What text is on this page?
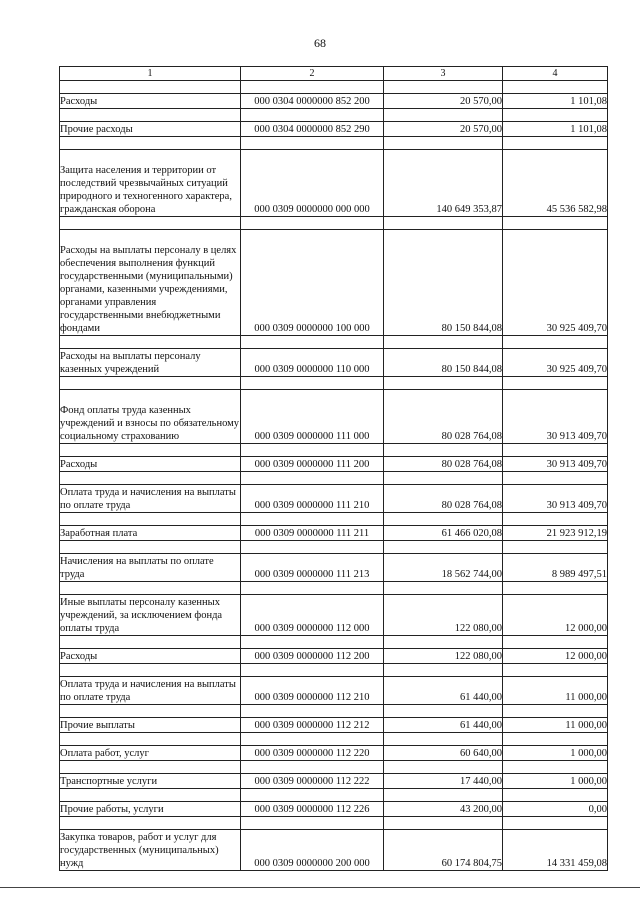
68
1	2	3	4

Расходы	000 0304 0000000 852 200	20 570,00	1 101,08

Прочие расходы	000 0304 0000000 852 290	20 570,00	1 101,08

Защита населения и территории от последствий чрезвычайных ситуаций природного и техногенного характера, гражданская оборона	000 0309 0000000 000 000	140 649 353,87	45 536 582,98

Расходы на выплаты персоналу в целях обеспечения выполнения функций государственными (муниципальными) органами, казенными учреждениями, органами управления государственными внебюджетными фондами	000 0309 0000000 100 000	80 150 844,08	30 925 409,70

Расходы на выплаты персоналу казенных учреждений	000 0309 0000000 110 000	80 150 844,08	30 925 409,70

Фонд оплаты труда казенных учреждений и взносы по обязательному социальному страхованию	000 0309 0000000 111 000	80 028 764,08	30 913 409,70

Расходы	000 0309 0000000 111 200	80 028 764,08	30 913 409,70

Оплата труда и начисления на выплаты по оплате труда	000 0309 0000000 111 210	80 028 764,08	30 913 409,70

Заработная плата	000 0309 0000000 111 211	61 466 020,08	21 923 912,19

Начисления на выплаты по оплате труда	000 0309 0000000 111 213	18 562 744,00	8 989 497,51

Иные выплаты персоналу казенных учреждений, за исключением фонда оплаты труда	000 0309 0000000 112 000	122 080,00	12 000,00

Расходы	000 0309 0000000 112 200	122 080,00	12 000,00

Оплата труда и начисления на выплаты по оплате труда	000 0309 0000000 112 210	61 440,00	11 000,00

Прочие выплаты	000 0309 0000000 112 212	61 440,00	11 000,00

Оплата работ, услуг	000 0309 0000000 112 220	60 640,00	1 000,00

Транспортные услуги	000 0309 0000000 112 222	17 440,00	1 000,00

Прочие работы, услуги	000 0309 0000000 112 226	43 200,00	0,00

Закупка товаров, работ и услуг для государственных (муниципальных) нужд	000 0309 0000000 200 000	60 174 804,75	14 331 459,08
